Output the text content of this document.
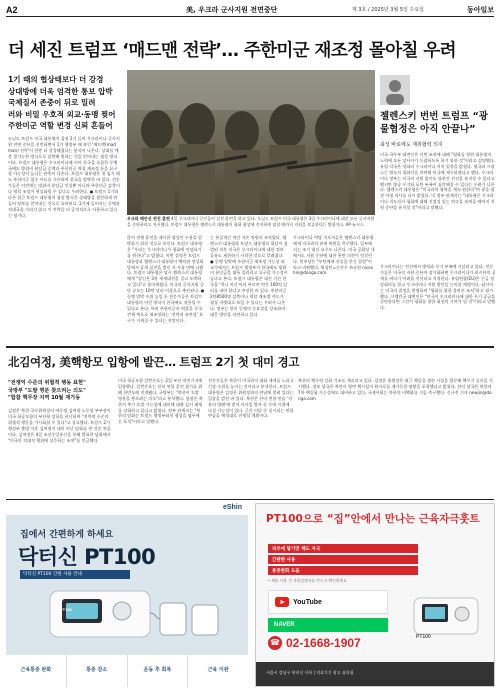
A2	美, 우크라 군사지원 전면중단	제 3호 / 2025년 3월 5일 수요일	동아일보
더 세진 트럼프 ‘매드맨 전략’… 주한미군 재조정 몰아칠 우려
1기 때의 협상태보다 더 강경
상대방에 더욱 엄격한 통보 압박
국제질서 존중이 뒤로 밀려
러와 비밀 우호적 외교·동맹 찢어
주한미군 역할 변경 신뢰 흔들어
도널드 트럼프 미국 대통령이 집권 2기 들어 우크라이나 군사지원 전면 중단을 선언하면서 1기 행정부 때 보인 '매드맨(mad man) 전략'이 한층 더 강경해졌다는 분석이 나온다. 상대를 예측 불가능한 방식으로 압박해 원하는 것을 얻어내는 협상 방식이다. 트럼프 대통령은 우크라이나에 이어 한국을 포함한 동맹국에도 방위비 분담금 증액과 주한미군 역할 재조정 등을 요구할 가능성이 높다는 관측이 나온다. 트럼프 대통령은 첫 임기 때도 주한미군 철수 카드를 거론하며 한국을 압박한 바 있다. 전문가들은 이번에는 방위비 분담금 인상뿐 아니라 주한미군 감축이나 역할 조정이 현실화될 수 있다고 우려한다. ● 트럼프 1기와 다른 접근 트럼프 대통령의 협상 방식은 상대방을 불안하게 만들어 양보를 얻어내는 것으로 요약된다. 2기에 들어서는 동맹과 적대국을 가리지 않고 이 전략을 더 공격적으로 사용하고 있다는 평가다.
우크라 해안선 전진 훈련 4일 우크라이나 군인들이 실전 훈련을 하고 있다. 도널드 트럼프 미국 대통령은 3일 우크라이나에 대한 모든 군사지원을 중단하라고 지시했다. 트럼프 대통령은 젤렌스키 대통령이 평화 협상에 진지하게 임할 때까지 지원을 보류한다는 방침이다. AP 뉴시스
않이 전쟁 휴전을 제시한 협상안 수용을 압박하기 위한 것으로 보인다. 트럼프 대통령은 "우리는 우크라이나가 평화에 전념하기를 원한다"고 밝혔다. 이번 결정은 트럼프 대통령과 젤렌스키 대통령이 백악관 정상회담에서 공개 설전을 벌인 지 사흘 만에 나왔다. 트럼프 대통령은 당시 젤렌스키 대통령에게 "당신은 3차 세계대전을 걸고 도박하고 있다"고 몰아세웠다. 미국의 군사지원 중단 규모는 10억 달러 이상으로 추산된다. ● 동맹 압박 수위 높일 듯 전문가들은 트럼프 대통령의 이런 방식이 한국에도 적용될 수 있다고 본다. 특히 주한미군의 역할을 중국 견제 쪽으로 재조정하는 '전략적 유연성' 요구가 거세질 수 있다는 전망이다.
는 본질적인 개인 자존 차원의 조치였다. 젤렌스키 대통령과 트럼프 대통령의 회담이 결렬된 직후 미국은 우크라이나에 대한 정보 공유도 제한하기 시작한 것으로 알려졌다. ● 동맹 압박에 주한미군 재조정 가능성 외교가에서는 트럼프 행정부가 한국에도 방위비 분담금을 대폭 올리라고 요구할 가능성이 높다고 본다. 트럼프 대통령은 대선 기간 한국을 '머니 머신'이라 부르며 연간 100억 달러를 내야 한다고 주장한 바 있다. 주한미군 2만8500명 감축이나 역할 재조정 카드가 협상 지렛대로 쓰일 수 있다는 우려가 나온다. 정부는 한미 동맹의 중요성을 강조하며 대응 방안을 마련하고 있다.
우크라이나 야당 지도자들은 젤렌스키 대통령에게 미국과의 관계 복원을 촉구했다. 일부에서는 조기 대선 요구도 나온다. 미국 공화당 내에서도 지원 중단에 대한 찬반 의견이 엇갈린다. 민주당은 "푸틴에게 선물을 안긴 결정"이라고 비판했다. 워싱턴=신진우 특파원 niceshin@donga.com
젤렌스키 번번 트럼프 “광물협정은 아직 안끝나”
최성 바로에도 재취협력 의지
미국 국무부 대변인은 이번 조치에 대해 "평화를 향한 대통령의 노력에 모든 당사자가 동참하도록 하기 위한 것"이라고 설명했다. 유럽 각국은 잇따라 우크라이나 지지 입장을 밝혔다. 영국과 프랑스는 별도의 평화안을 마련해 미국에 제시하겠다고 했다. 우크라이나 정부는 미국의 지원 없이도 당분간 전선을 유지할 수 있다고 했지만 방공 무기와 포탄 부족이 심각해질 수 있다는 우려가 나온다. 젤렌스키 대통령은 "미국과의 협력을 계속 원한다"며 광물 협정 서명 의사를 다시 밝혔다. 미 정부 관계자는 "대통령은 우크라이나 지도자가 평화에 대해 진정성 있는 약속을 보여줄 때까지 지원 중단을 유지할 것"이라고 말했다.
우크라이나는 전선에서 병력과 무기 부족에 시달리고 있다. 전문가들은 미국의 지원 중단이 장기화하면 우크라이나가 러시아의 공세를 버티기 어려울 것이라고 지적한다. 유럽연합(EU)은 긴급 정상회의를 열고 우크라이나 지원 방안을 논의할 예정이다. 러시아는 미국의 결정을 환영하며 "평화를 위한 올바른 조치"라고 평가했다. 크렘린궁 대변인은 "미국이 우크라이나에 대한 무기 공급을 중단한다면 그것이 평화를 향한 최선의 기여가 될 것"이라고 말했다.
北김여정, 美핵항모 입항에 발끈… 트럼프 2기 첫 대미 경고
"전쟁억 수준의 위협적 행동 표현"
국방부 "도발 명분 찾으려는 의도"
"합참 핵무장 지역 10월 재가동
김정은 북한 국무위원장의 여동생 김여정 노동당 부부장이 미국 항공모함의 부산항 입항을 비난하며 "전략적 수준의 위협적 행동을 가시화할 수 있다"고 경고했다. 트럼프 2기 행정부 출범 이후 김여정이 대미 비난 담화를 낸 것은 처음이다. 김여정은 4일 조선중앙통신을 통해 발표한 담화에서 "미국의 적대적 행위에 상응하는 조치"를 언급했다.
미국 항공모함 칼빈슨호는 2일 부산 작전기지에 입항했다. 칼빈슨호는 한미 연합 훈련 참가를 위해 한반도에 전개됐다. 국방부는 "북한이 도발 명분을 쌓으려는 의도"라고 분석했다. 합참은 북한의 추가 도발 가능성에 대비해 대북 감시 태세를 강화하고 있다고 밝혔다. 정부 관계자는 "북한의 담화는 트럼프 행정부와의 협상을 염두에 둔 포석"이라고 말했다.
전문가들은 북한이 미국과의 대화 재개를 노리고 긴장 수위를 높이는 것이라고 분석한다. 트럼프 대통령은 김정은 위원장과의 만남에 열려 있다는 입장을 밝힌 바 있다. 북한은 한미 연합 연습 '자유의 방패'에 맞서 미사일 발사 등 무력 시위에 나설 가능성이 있다. 군은 이달 중 실시되는 연합 연습을 예정대로 진행할 계획이다.
북한의 핵무력 강화 기조도 계속되고 있다. 김정은 위원장은 최근 핵물질 생산 시설을 방문해 핵무기 증산을 지시했다. 정보 당국은 북한이 영변 핵시설의 원자로를 재가동한 정황을 포착했다고 밝혔다. 한미 당국은 북한의 7차 핵실험 가능성에도 대비하고 있다. 국제사회는 북한의 비핵화를 거듭 촉구했다. 신규진 기자 newjin@donga.com
eShin
집에서 간편하게 하세요
닥터신 PT100
닥터신 PT100 간편 사용 안내
PT100
근육통증 완화	통증 감소	운동 후 회복	근육 이완
PT100으로 “집”안에서 만나는 근육자극훗트
피부에 닿기만 해도 자극
간편한 사용
통증완화 도움
* 제품 사용 전 사용설명서를 반드시 확인하세요
YouTube
NAVER
☎ 02-1668-1907	PT100
서울시 강남구 닥터신 사옥 | 의료기기 광고 심의필
